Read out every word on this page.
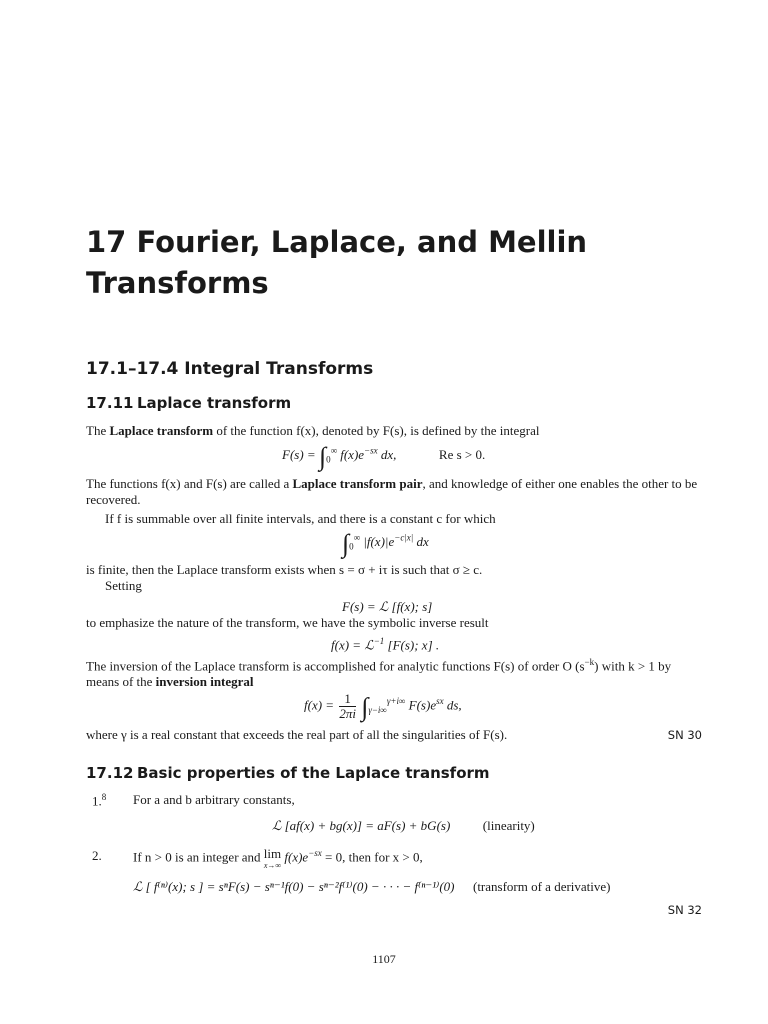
17 Fourier, Laplace, and Mellin Transforms
17.1–17.4 Integral Transforms
17.11 Laplace transform
The Laplace transform of the function f(x), denoted by F(s), is defined by the integral
$F(s) = \int_0^\infty$ $f(x)e^{-sx}$ dx,	Re s > 0.
The functions f(x) and F(s) are called a Laplace transform pair, and knowledge of either one enables the other to be recovered.
If f is summable over all finite intervals, and there is a constant c for which
$\int_0^\infty$ $|f(x)|e^{-c|x|}$ dx
is finite, then the Laplace transform exists when s = σ + iτ is such that σ ≥ c.
Setting
F(s) = ℒ [f(x); s]
to emphasize the nature of the transform, we have the symbolic inverse result
f(x) = ℒ$^{-1}$ [F(s); x] .
The inversion of the Laplace transform is accomplished for analytic functions F(s) of order O $(s^{-k})$ with k > 1 by means of the inversion integral
$f(x) = \frac{1}{2\pi i} \int_{\gamma-i\infty}^{\gamma+i\infty}$ $F(s)e^{sx}$ ds,
where γ is a real constant that exceeds the real part of all the singularities of F(s).	SN 30
17.12 Basic properties of the Laplace transform
1.$^8$ For a and b arbitrary constants,
ℒ [af(x) + bg(x)] = aF(s) + bG(s)	(linearity)
2. If n > 0 is an integer and lim
x→∞
$f(x)e^{-sx} = 0$, then for x > 0,
ℒ [ f⁽ⁿ⁾(x); s ] = sⁿF(s) − sⁿ⁻¹f(0) − sⁿ⁻²f⁽¹⁾(0) − · · · − f⁽ⁿ⁻¹⁾(0) (transform of a derivative)
SN 32
1107
